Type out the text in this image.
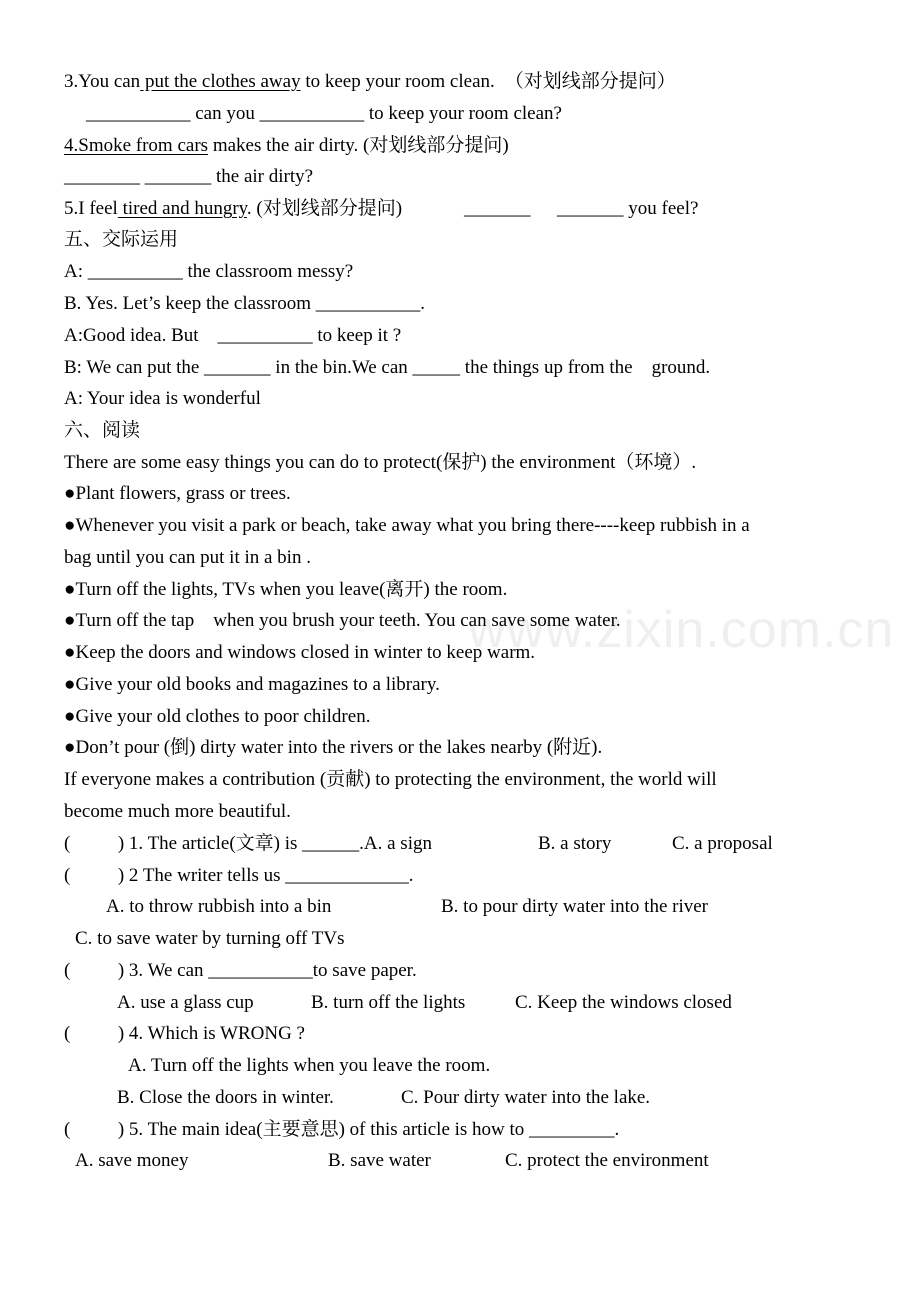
www.zixin.com.cn
3.You can put the clothes away to keep your room clean. （对划线部分提问）
___________ can you ___________ to keep your room clean?
4.Smoke from cars makes the air dirty. (对划线部分提问)
________ _______ the air dirty?
5.I feel tired and hungry. (对划线部分提问)	_______ _______ you feel?
五、交际运用
A: __________ the classroom messy?
B. Yes. Let’s keep the classroom ___________.
A:Good idea. But    __________ to keep it ?
B: We can put the _______ in the bin.We can _____ the things up from the    ground.
A: Your idea is wonderful
六、阅读
There are some easy things you can do to protect(保护) the environment（环境）.
●Plant flowers, grass or trees.
●Whenever you visit a park or beach, take away what you bring there----keep rubbish in a
bag until you can put it in a bin .
●Turn off the lights, TVs when you leave(离开) the room.
●Turn off the tap    when you brush your teeth. You can save some water.
●Keep the doors and windows closed in winter to keep warm.
●Give your old books and magazines to a library.
●Give your old clothes to poor children.
●Don’t pour (倒) dirty water into the rivers or the lakes nearby (附近).
If everyone makes a contribution (贡献) to protecting the environment, the world will
become much more beautiful.
(          ) 1. The article(文章) is ______.A. a sign	B. a story	C. a proposal
(          ) 2 The writer tells us _____________.
A. to throw rubbish into a bin	B. to pour dirty water into the river
C. to save water by turning off TVs
(          ) 3. We can ___________to save paper.
A. use a glass cup	B. turn off the lights	C. Keep the windows closed
(          ) 4. Which is WRONG ?
A. Turn off the lights when you leave the room.
B. Close the doors in winter.	C. Pour dirty water into the lake.
(          ) 5. The main idea(主要意思) of this article is how to _________.
A. save money	B. save water	C. protect the environment
